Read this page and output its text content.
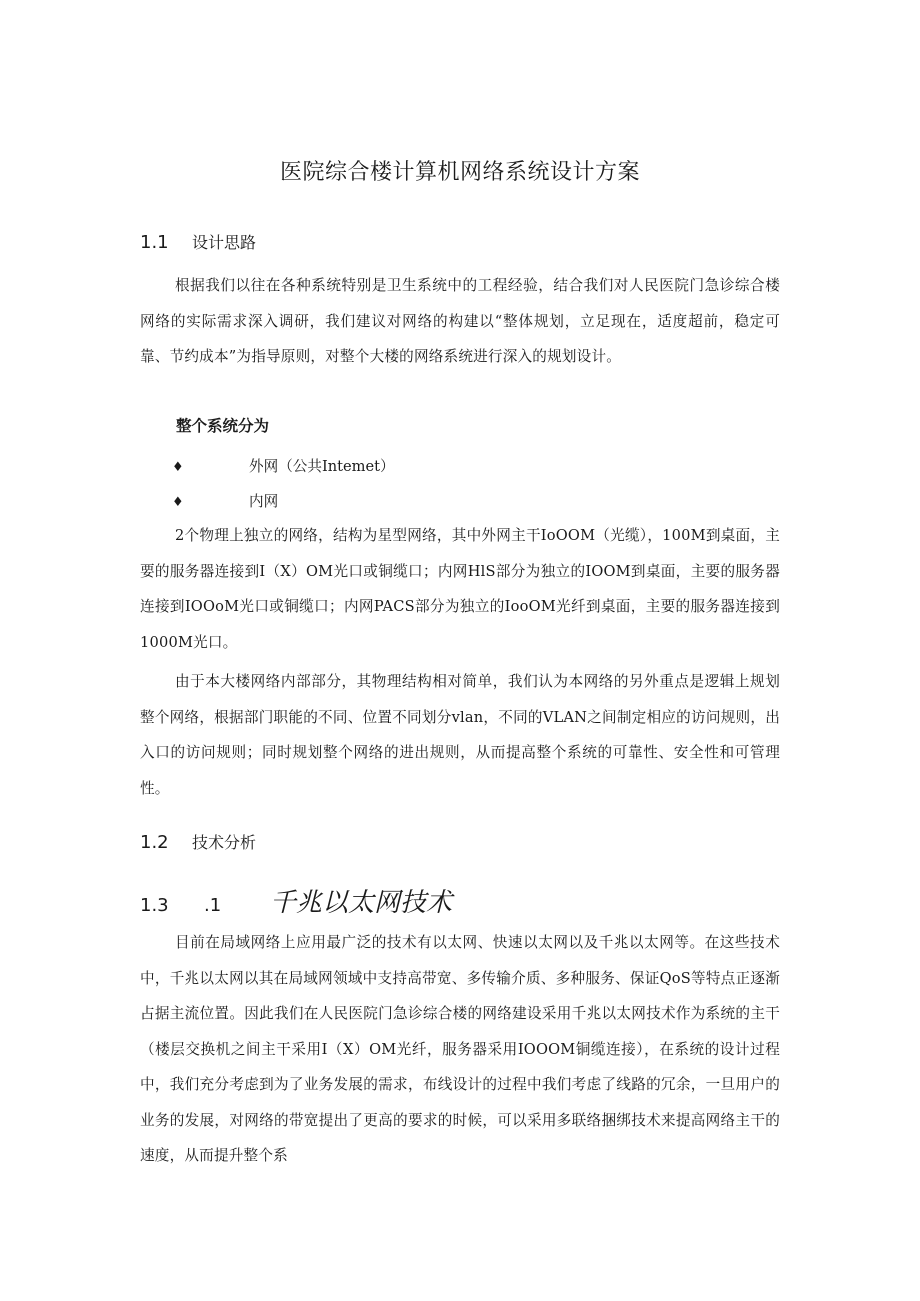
医院综合楼计算机网络系统设计方案
1.1 设计思路

根据我们以往在各种系统特别是卫生系统中的工程经验，结合我们对人民医院门急诊综合楼网络的实际需求深入调研，我们建议对网络的构建以“整体规划，立足现在，适度超前，稳定可靠、节约成本”为指导原则，对整个大楼的网络系统进行深入的规划设计。

整个系统分为

♦	外网（公共Intemet）
♦	内网

2个物理上独立的网络，结构为星型网络，其中外网主干IoOOM（光缆），100M到桌面，主要的服务器连接到I（X）OM光口或铜缆口；内网HlS部分为独立的IOOM到桌面，主要的服务器连接到IOOoM光口或铜缆口；内网PACS部分为独立的IooOM光纤到桌面，主要的服务器连接到1000M光口。

由于本大楼网络内部部分，其物理结构相对简单，我们认为本网络的另外重点是逻辑上规划整个网络，根据部门职能的不同、位置不同划分vlan，不同的VLAN之间制定相应的访问规则，出入口的访问规则；同时规划整个网络的进出规则，从而提高整个系统的可靠性、安全性和可管理性。

1.2 技术分析
1.3 .1 千兆以太网技术

目前在局域网络上应用最广泛的技术有以太网、快速以太网以及千兆以太网等。在这些技术中，千兆以太网以其在局域网领域中支持高带宽、多传输介质、多种服务、保证QoS等特点正逐渐占据主流位置。因此我们在人民医院门急诊综合楼的网络建设采用千兆以太网技术作为系统的主干（楼层交换机之间主干采用I（X）OM光纤，服务器采用IOOOM铜缆连接），在系统的设计过程中，我们充分考虑到为了业务发展的需求，布线设计的过程中我们考虑了线路的冗余，一旦用户的业务的发展，对网络的带宽提出了更高的要求的时候，可以采用多联络捆绑技术来提高网络主干的速度，从而提升整个系
